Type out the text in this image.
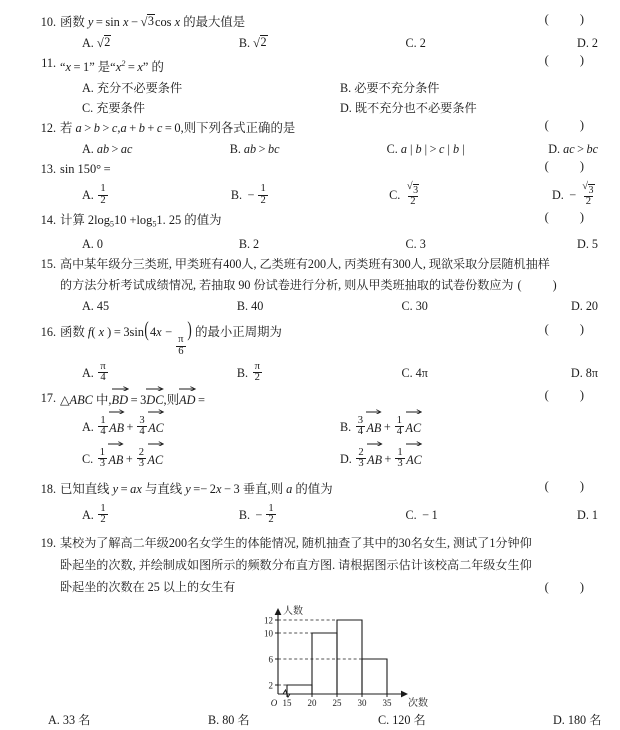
10. 函数 y = sin x − √ 3 cos x 的最大值是	( )
A. √ 2	B. √ 2	C. 2	D. 2
11. “x = 1” 是“$x^2 = x$” 的
( )
A. 充分不必要条件	B. 必要不充分条件
C. 充要条件	D. 既不充分也不必要条件
12. 若 a > b > c,a + b + c = 0,则下列各式正确的是	( )
A. ab > ac	B. ab > bc	C. a | b | > c | b |	D. ac > bc
13. sin 150° =	( )
A. $\frac{1}{2}$	B. − $\frac{1}{2}$	C. $\frac{√ 3}{2}$	D. − $\frac{√ 3}{2}$
14. 计算 $2\log_510 +\log_51$. 25 的值为	( )
A. 0	B. 2	C. 3	D. 5
15. 高中某年级分三类班, 甲类班有400人, 乙类班有200人, 丙类班有300人, 现欲采取分层随机抽样
的方法分析考试成绩情况, 若抽取 90 份试卷进行分析, 则从甲类班抽取的试卷份数应为 ( )
A. 45	B. 40	C. 30	D. 20
16. 函数 f( x ) = 3sin(4x −
$\frac{\pi}{6}$
) 的最小正周期为	( )
A. $\frac{\pi}{4}$	B. $\frac{\pi}{2}$	C. 4π	D. 8π
17. △ABC 中,
BD = 3
DC,则
AD =	( )
A. $\frac{1}{4}$ AB + $\frac{3}{4}$ AC	B. $\frac{3}{4}$ AB + $\frac{1}{4}$ AC
C. $\frac{1}{3}$ AB + $\frac{2}{3}$ AC	D. $\frac{2}{3}$ AB + $\frac{1}{3}$ AC
18. 已知直线 y = ax 与直线 y =− 2x − 3 垂直,则 a 的值为	( )
A. $\frac{1}{2}$	B. − $\frac{1}{2}$	C. − 1	D. 1
19. 某校为了解高二年级200名女学生的体能情况, 随机抽查了其中的30名女生, 测试了1分钟仰
卧起坐的次数, 并绘制成如图所示的频数分布直方图. 请根据图示估计该校高二年级女生仰
卧起坐的次数在 25 以上的女生有	( )
2
6
10
12
15 20 25 30 35
O
人数
次数
A. 33 名	B. 80 名	C. 120 名	D. 180 名
